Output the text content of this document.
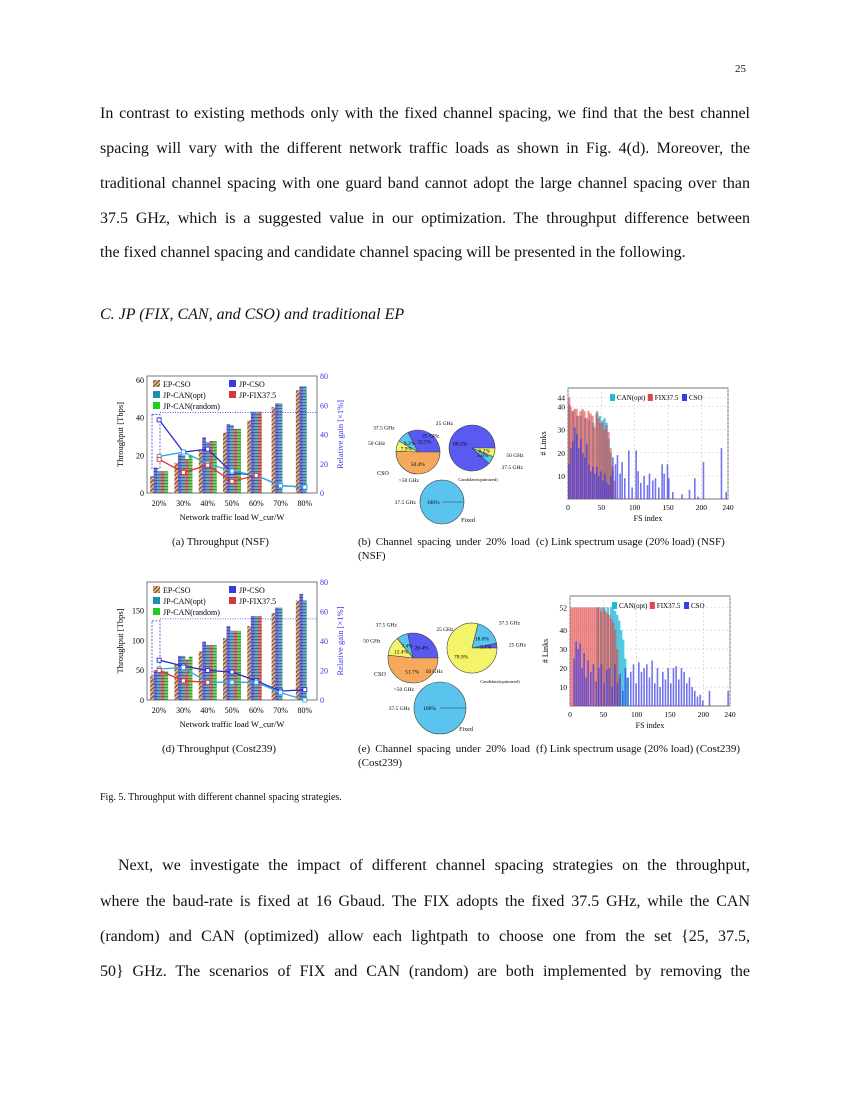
25
In contrast to existing methods only with the fixed channel spacing, we find that the best channel
spacing will vary with the different network traffic loads as shown in Fig. 4(d). Moreover, the
traditional channel spacing with one guard band cannot adopt the large channel spacing over than
37.5 GHz, which is a suggested value in our optimization. The throughput difference between
the fixed channel spacing and candidate channel spacing will be presented in the following.
C. JP (FIX, CAN, and CSO) and traditional EP
0
20
40
60
0
20
40
60
80
Throughput [Tbps]	Relative gain [×1%]
Network traffic load W_cur/W
20% 30% 40% 50% 60% 70% 80%
EP-CSO	JP-CSO
JP-CAN(opt)	JP-FIX37.5
JP-CAN(random)
0
50
100
150
0
20
40
60
80
Throughput [Tbps]	Relative gain [×1%]
Network traffic load W_cur/W
20% 30% 40% 50% 60% 70% 80%
EP-CSO	JP-CSO
JP-CAN(opt)	JP-FIX37.5
JP-CAN(random)
32.5%
25 GHz
9.2%
37.5 GHz
7.9%
50 GHz
50.4%
>50 GHz
CSO
88.2%
25 GHz
5.6%
37.5 GHz
6.2%
50 GHz
Candidate(optimized)
100%
37.5 GHz
Fixed
28.4%
25 GHz
7.4%
37.5 GHz
12.4%
50 GHz
51.7%
>50 GHz
CSO
3.1%	25 GHz
18.0%
37.5 GHz
78.9%
50 GHz
Candidate(optimized)
100%
37.5 GHz
Fixed
10
20
30
40
44
0	50	100	150	200 240
# Links
FS index
CAN(opt) FIX37.5 CSO
10
20
30
40
52
0	50	100	150	200 240
# Links
FS index
CAN(opt) FIX37.5 CSO
(a) Throughput (NSF)	(b) Channel spacing under 20% load (NSF)
(c) Link spectrum usage (20% load) (NSF)
(d) Throughput (Cost239)	(e) Channel spacing under 20% load (Cost239)
(f) Link spectrum usage (20% load) (Cost239)
Fig. 5. Throughput with different channel spacing strategies.
Next, we investigate the impact of different channel spacing strategies on the throughput,
where the baud-rate is fixed at 16 Gbaud. The FIX adopts the fixed 37.5 GHz, while the CAN
(random) and CAN (optimized) allow each lightpath to choose one from the set {25, 37.5,
50} GHz. The scenarios of FIX and CAN (random) are both implemented by removing the
